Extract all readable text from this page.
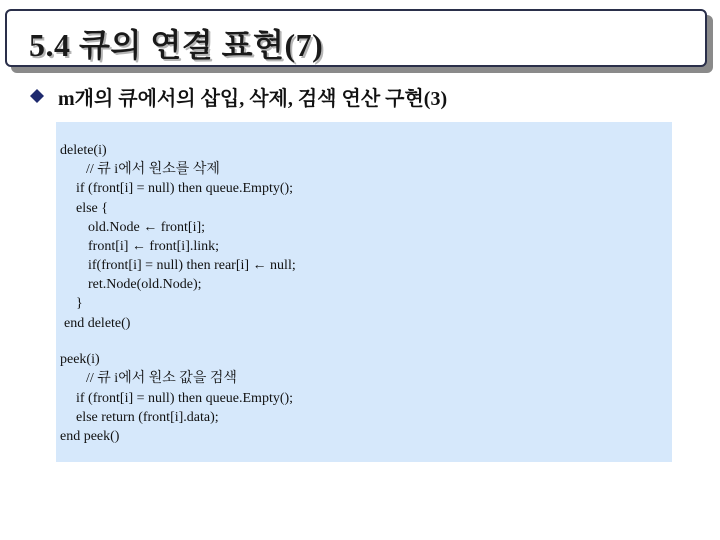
5.4 큐의 연결 표현(7)
m개의 큐에서의 삽입, 삭제, 검색 연산 구현(3)
delete(i)
// 큐 i에서 원소를 삭제
if (front[i] = null) then queue.Empty();
else {
old.Node ← front[i];
front[i] ← front[i].link;
if(front[i] = null) then rear[i] ← null;
ret.Node(old.Node);
}
end delete()
peek(i)
// 큐 i에서 원소 값을 검색
if (front[i] = null) then queue.Empty();
else return (front[i].data);
end peek()
